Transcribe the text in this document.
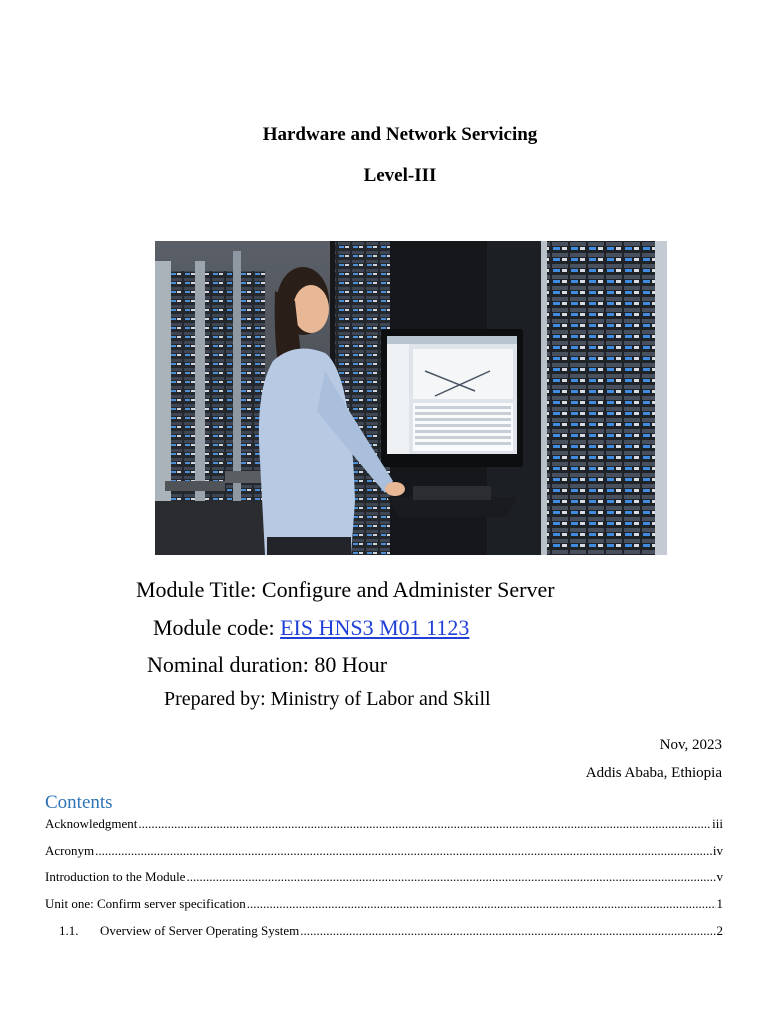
Hardware and Network Servicing
Level-III
Module Title: Configure and Administer Server
Module code: EIS HNS3 M01 1123
Nominal duration: 80 Hour
Prepared by: Ministry of Labor and Skill
Nov, 2023
Addis Ababa, Ethiopia
Contents
Acknowledgment .....	iii
Acronym .....	iv
Introduction to the Module .....	v
Unit one: Confirm server specification .....	1
1.1.	Overview of Server Operating System .....	2
